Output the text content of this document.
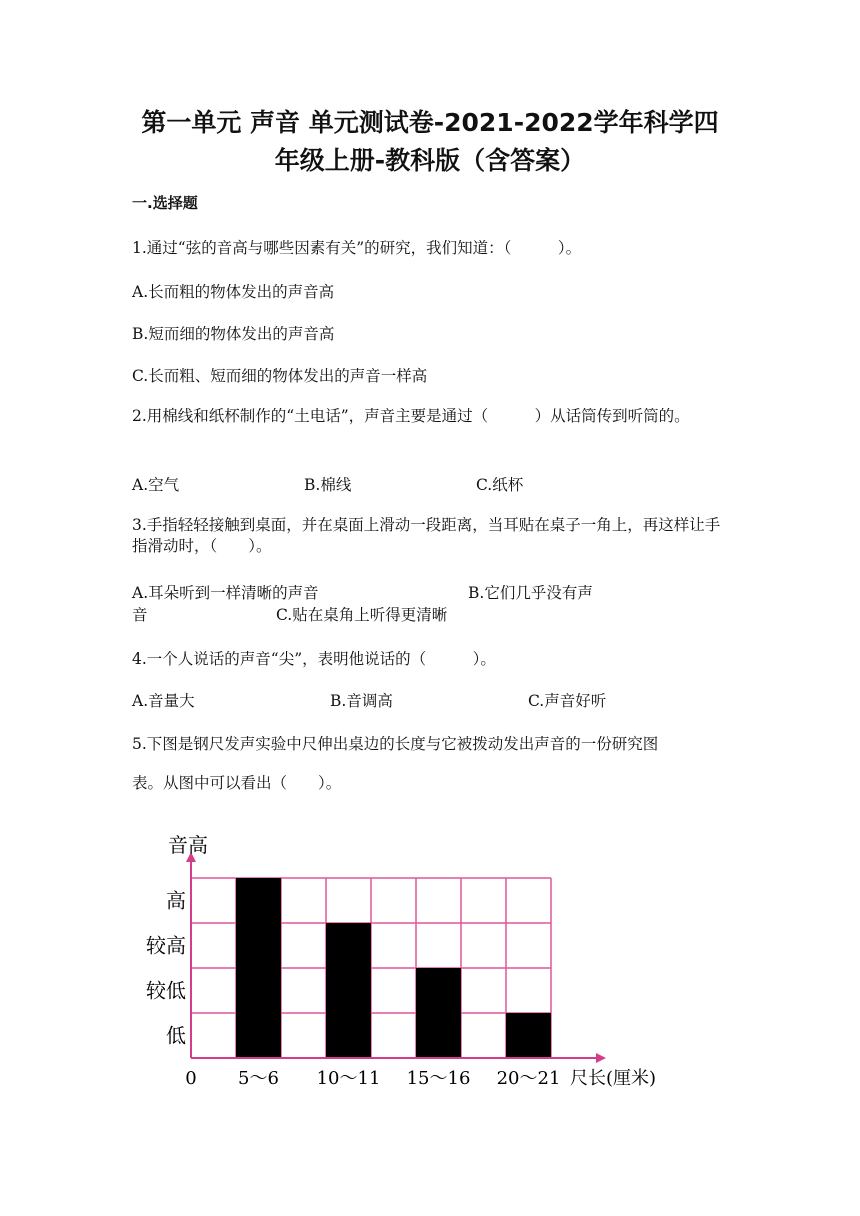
第一单元 声音 单元测试卷-2021-2022学年科学四
年级上册-教科版（含答案）
一.选择题
1.通过“弦的音高与哪些因素有关”的研究，我们知道：（　　　）。
A.长而粗的物体发出的声音高
B.短而细的物体发出的声音高
C.长而粗、短而细的物体发出的声音一样高
2.用棉线和纸杯制作的“土电话”，声音主要是通过（　　　）从话筒传到听筒的。
A.空气	B.棉线	C.纸杯
3.手指轻轻接触到桌面，并在桌面上滑动一段距离，当耳贴在桌子一角上，再这样让手指滑动时，（　　）。
A.耳朵听到一样清晰的声音	B.它们几乎没有声
音	C.贴在桌角上听得更清晰
4.一个人说话的声音“尖”，表明他说话的（　　　）。
A.音量大	B.音调高	C.声音好听
5.下图是钢尺发声实验中尺伸出桌边的长度与它被拨动发出声音的一份研究图
表。从图中可以看出（　　）。
音高
低
较低
较高
高
0 5～6 10～11 15～16 20～21 尺长(厘米)
